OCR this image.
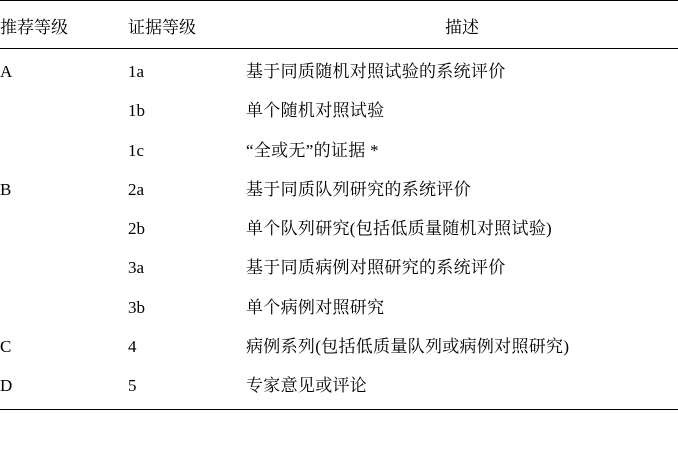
推荐等级	证据等级	描述
A	1a	基于同质随机对照试验的系统评价
	1b	单个随机对照试验
	1c	“全或无”的证据 *
B	2a	基于同质队列研究的系统评价
	2b	单个队列研究(包括低质量随机对照试验)
	3a	基于同质病例对照研究的系统评价
	3b	单个病例对照研究
C	4	病例系列(包括低质量队列或病例对照研究)
D	5	专家意见或评论
